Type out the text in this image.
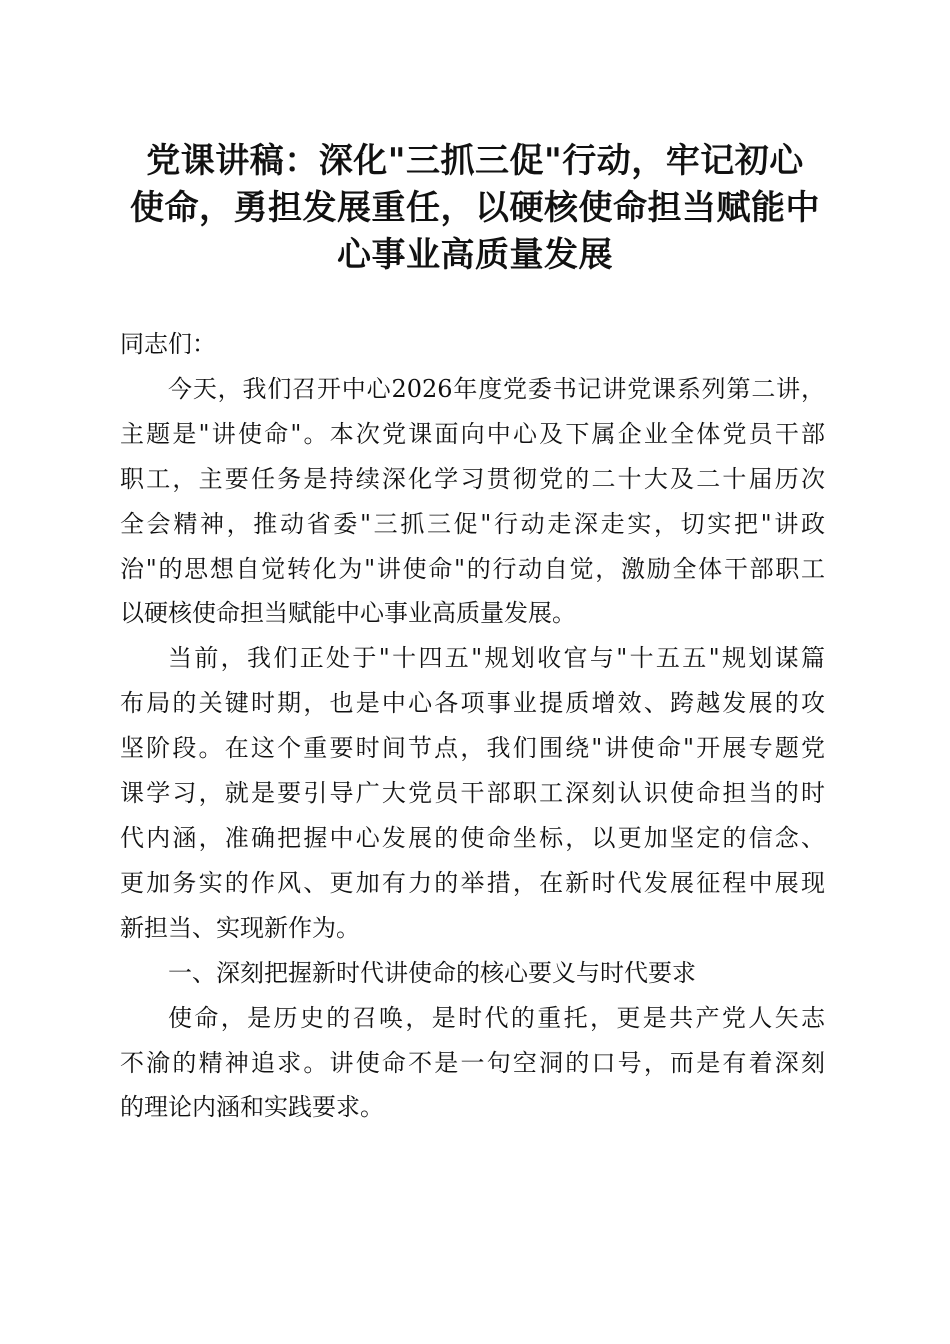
党课讲稿：深化"三抓三促"行动，牢记初心
使命，勇担发展重任，以硬核使命担当赋能中
心事业高质量发展
同志们：
今天，我们召开中心2026年度党委书记讲党课系列第二讲，
主题是"讲使命"。本次党课面向中心及下属企业全体党员干部
职工，主要任务是持续深化学习贯彻党的二十大及二十届历次
全会精神，推动省委"三抓三促"行动走深走实，切实把"讲政
治"的思想自觉转化为"讲使命"的行动自觉，激励全体干部职工
以硬核使命担当赋能中心事业高质量发展。
当前，我们正处于"十四五"规划收官与"十五五"规划谋篇
布局的关键时期，也是中心各项事业提质增效、跨越发展的攻
坚阶段。在这个重要时间节点，我们围绕"讲使命"开展专题党
课学习，就是要引导广大党员干部职工深刻认识使命担当的时
代内涵，准确把握中心发展的使命坐标，以更加坚定的信念、
更加务实的作风、更加有力的举措，在新时代发展征程中展现
新担当、实现新作为。
一、深刻把握新时代讲使命的核心要义与时代要求
使命，是历史的召唤，是时代的重托，更是共产党人矢志
不渝的精神追求。讲使命不是一句空洞的口号，而是有着深刻
的理论内涵和实践要求。
